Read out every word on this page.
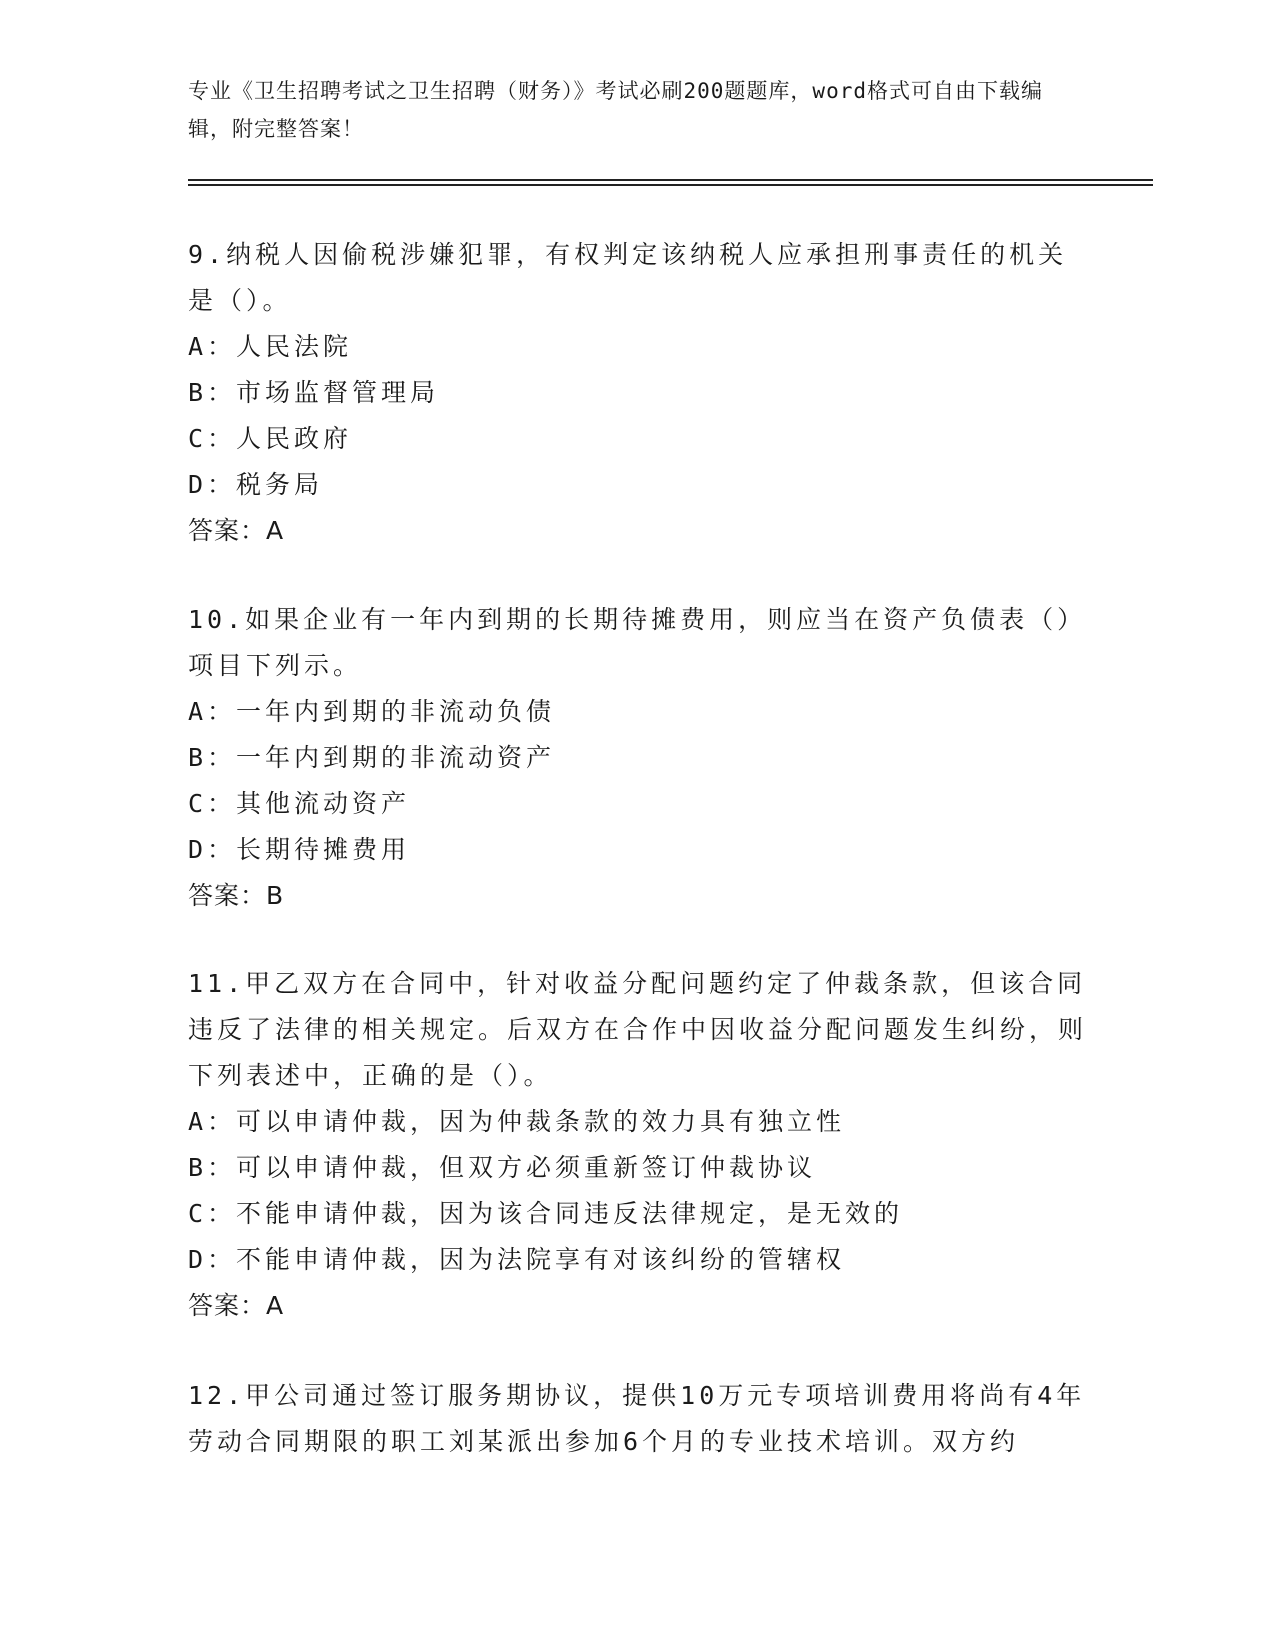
专业《卫生招聘考试之卫生招聘（财务）》考试必刷200题题库，word格式可自由下载编辑，附完整答案！
9.纳税人因偷税涉嫌犯罪，有权判定该纳税人应承担刑事责任的机关是（）。
A：人民法院
B：市场监督管理局
C：人民政府
D：税务局
答案：A
10.如果企业有一年内到期的长期待摊费用，则应当在资产负债表（）项目下列示。
A：一年内到期的非流动负债
B：一年内到期的非流动资产
C：其他流动资产
D：长期待摊费用
答案：B
11.甲乙双方在合同中，针对收益分配问题约定了仲裁条款，但该合同违反了法律的相关规定。后双方在合作中因收益分配问题发生纠纷，则下列表述中，正确的是（）。
A：可以申请仲裁，因为仲裁条款的效力具有独立性
B：可以申请仲裁，但双方必须重新签订仲裁协议
C：不能申请仲裁，因为该合同违反法律规定，是无效的
D：不能申请仲裁，因为法院享有对该纠纷的管辖权
答案：A
12.甲公司通过签订服务期协议，提供10万元专项培训费用将尚有4年劳动合同期限的职工刘某派出参加6个月的专业技术培训。双方约
